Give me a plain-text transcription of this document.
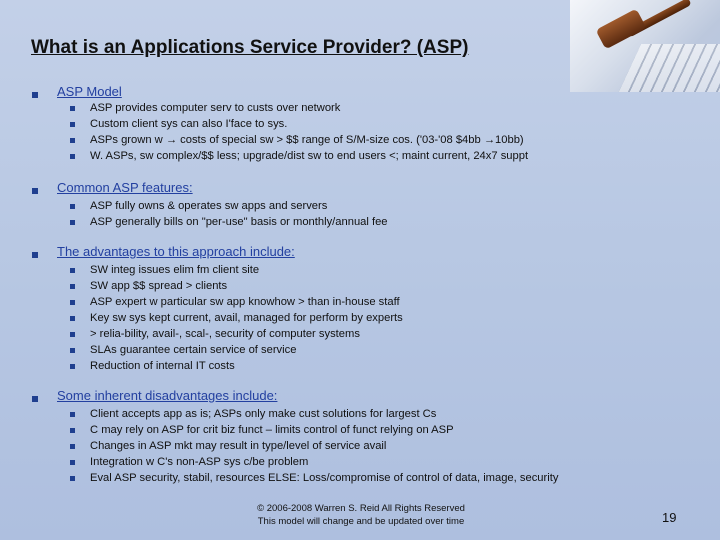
What is an Applications Service Provider? (ASP)
ASP Model
ASP provides computer serv to custs over network
Custom client sys can also I'face to sys.
ASPs grown w → costs of special sw > $$ range of S/M-size cos. ('03-'08 $4bb →10bb)
W. ASPs, sw complex/$$ less; upgrade/dist sw to end users <; maint current, 24x7 suppt
Common ASP features:
ASP fully owns & operates sw apps and servers
ASP generally bills on "per-use" basis or monthly/annual fee
The advantages to this approach include:
SW integ issues elim fm client site
SW app $$ spread > clients
ASP expert w particular sw app knowhow > than in-house staff
Key sw sys kept current, avail, managed for perform by experts
> relia-bility, avail-, scal-, security of computer systems
SLAs guarantee certain service of service
Reduction of internal IT costs
Some inherent disadvantages include:
Client accepts app as is; ASPs only make cust solutions for largest Cs
C may rely on ASP for crit biz funct – limits control of funct relying on ASP
Changes in ASP mkt may result in type/level of service avail
Integration w C's non-ASP sys c/be problem
Eval ASP security, stabil, resources ELSE: Loss/compromise of control of data, image, security
© 2006-2008 Warren S. Reid All Rights Reserved
This model will change and be updated over time	19
